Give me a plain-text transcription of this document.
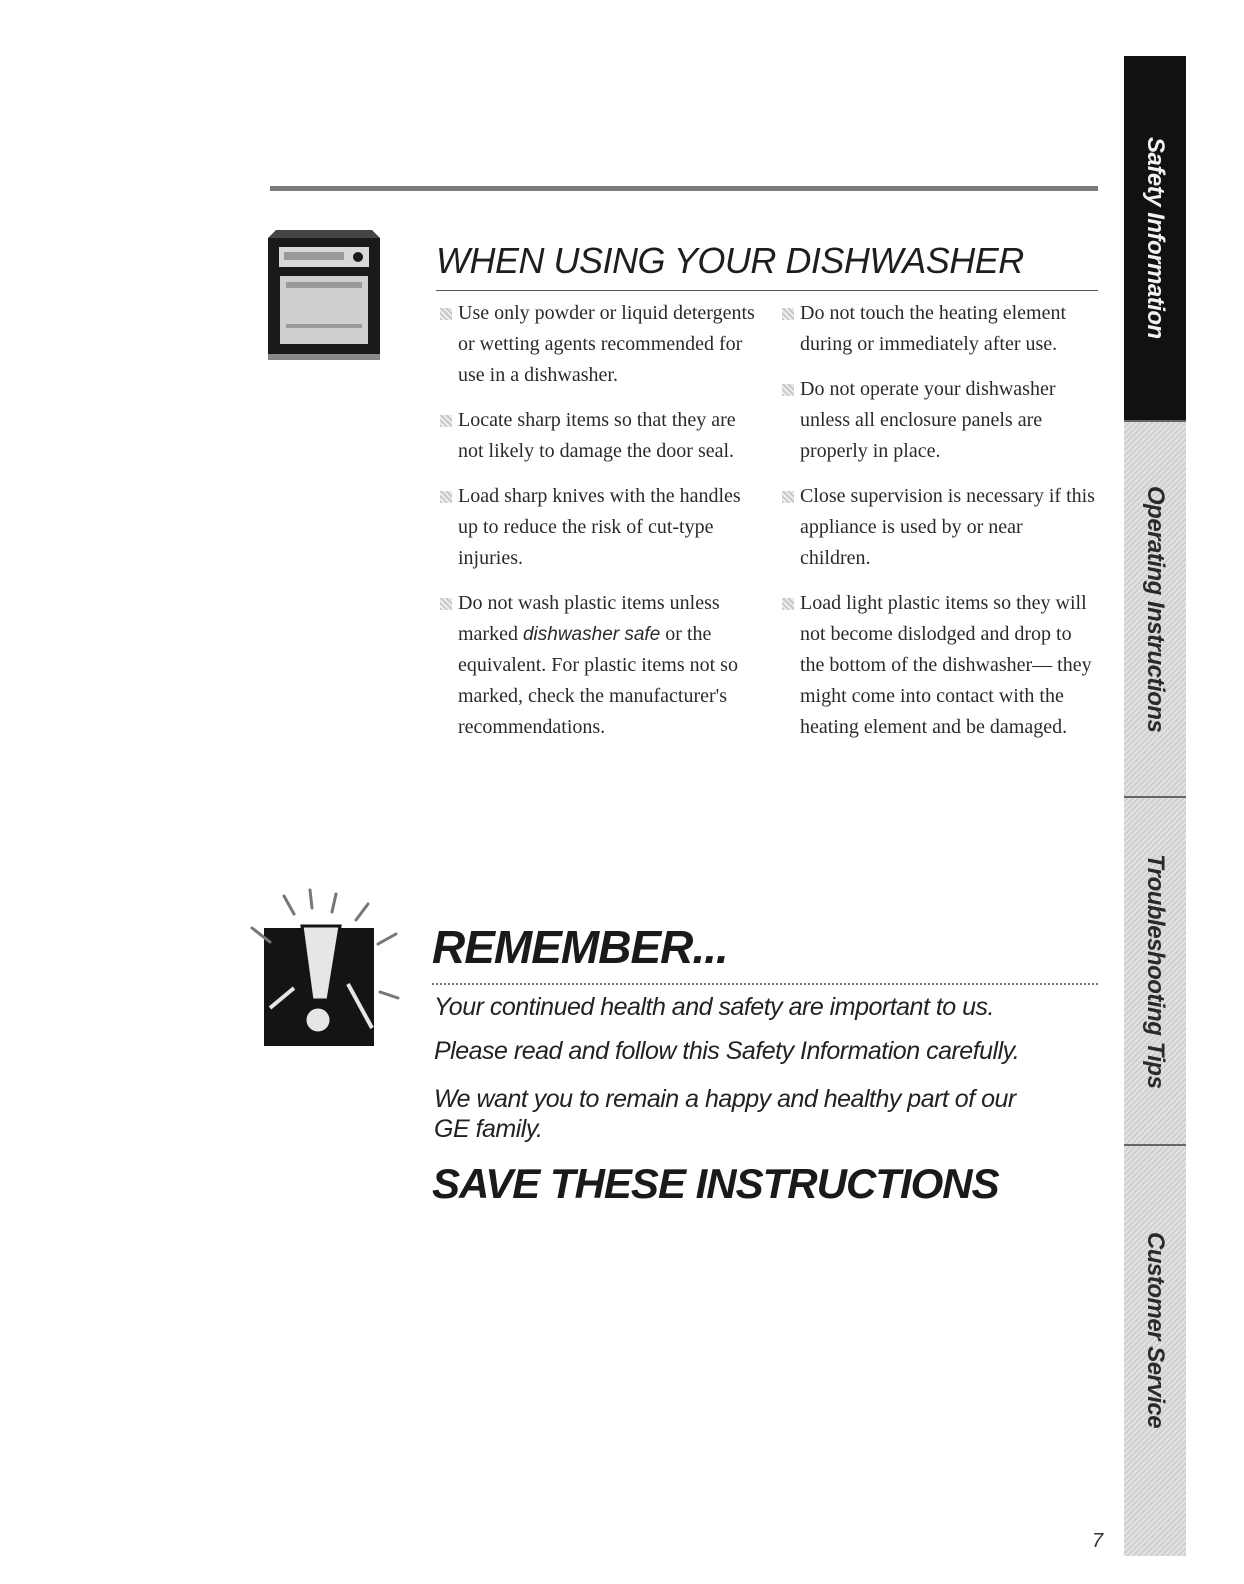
WHEN USING YOUR DISHWASHER
Use only powder or liquid detergents or wetting agents recommended for use in a dishwasher.
Locate sharp items so that they are not likely to damage the door seal.
Load sharp knives with the handles up to reduce the risk of cut-type injuries.
Do not wash plastic items unless marked dishwasher safe or the equivalent. For plastic items not so marked, check the manufacturer's recommendations.
Do not touch the heating element during or immediately after use.
Do not operate your dishwasher unless all enclosure panels are properly in place.
Close supervision is necessary if this appliance is used by or near children.
Load light plastic items so they will not become dislodged and drop to the bottom of the dishwasher— they might come into contact with the heating element and be damaged.
REMEMBER...

Your continued health and safety are important to us.

Please read and follow this Safety Information carefully.

We want you to remain a happy and healthy part of our GE family.

SAVE THESE INSTRUCTIONS
Safety Information
Operating Instructions
Troubleshooting Tips
Customer Service
7
